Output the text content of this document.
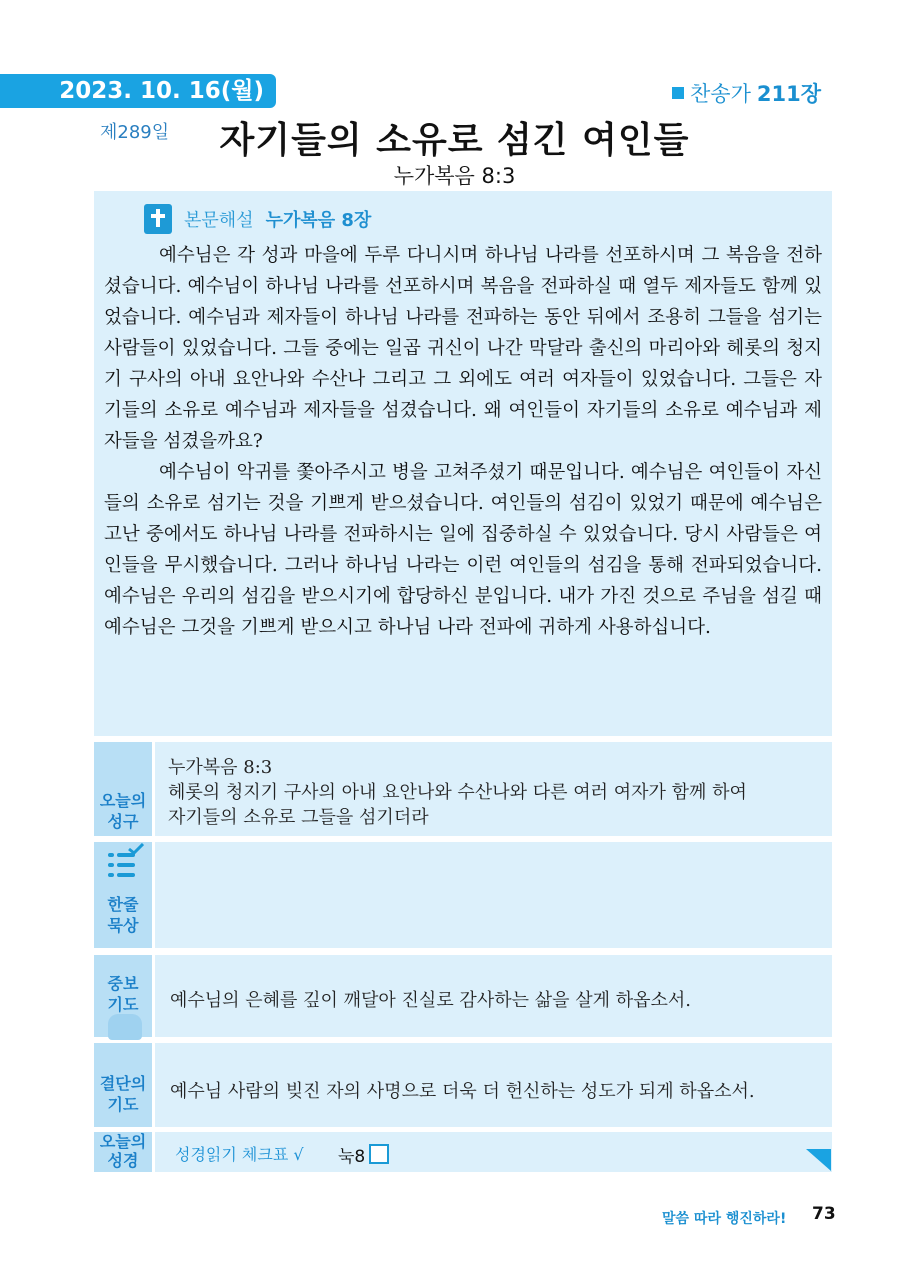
2023. 10. 16(월)
제289일
찬송가 211장
자기들의 소유로 섬긴 여인들
누가복음 8:3
본문해설 누가복음 8장

예수님은 각 성과 마을에 두루 다니시며 하나님 나라를 선포하시며 그 복음을 전하셨습니다. 예수님이 하나님 나라를 선포하시며 복음을 전파하실 때 열두 제자들도 함께 있었습니다. 예수님과 제자들이 하나님 나라를 전파하는 동안 뒤에서 조용히 그들을 섬기는 사람들이 있었습니다. 그들 중에는 일곱 귀신이 나간 막달라 출신의 마리아와 헤롯의 청지기 구사의 아내 요안나와 수산나 그리고 그 외에도 여러 여자들이 있었습니다. 그들은 자기들의 소유로 예수님과 제자들을 섬겼습니다. 왜 여인들이 자기들의 소유로 예수님과 제자들을 섬겼을까요?

예수님이 악귀를 쫓아주시고 병을 고쳐주셨기 때문입니다. 예수님은 여인들이 자신들의 소유로 섬기는 것을 기쁘게 받으셨습니다. 여인들의 섬김이 있었기 때문에 예수님은 고난 중에서도 하나님 나라를 전파하시는 일에 집중하실 수 있었습니다. 당시 사람들은 여인들을 무시했습니다. 그러나 하나님 나라는 이런 여인들의 섬김을 통해 전파되었습니다. 예수님은 우리의 섬김을 받으시기에 합당하신 분입니다. 내가 가진 것으로 주님을 섬길 때 예수님은 그것을 기쁘게 받으시고 하나님 나라 전파에 귀하게 사용하십니다.

오늘의
성구
누가복음 8:3
헤롯의 청지기 구사의 아내 요안나와 수산나와 다른 여러 여자가 함께 하여
자기들의 소유로 그들을 섬기더라
한줄
묵상
중보
기도	예수님의 은혜를 깊이 깨달아 진실로 감사하는 삶을 살게 하옵소서.
결단의
기도
예수님 사람의 빚진 자의 사명으로 더욱 더 헌신하는 성도가 되게 하옵소서.
오늘의
성경	성경읽기 체크표 √ 눅8
말씀 따라 행진하라! 73
